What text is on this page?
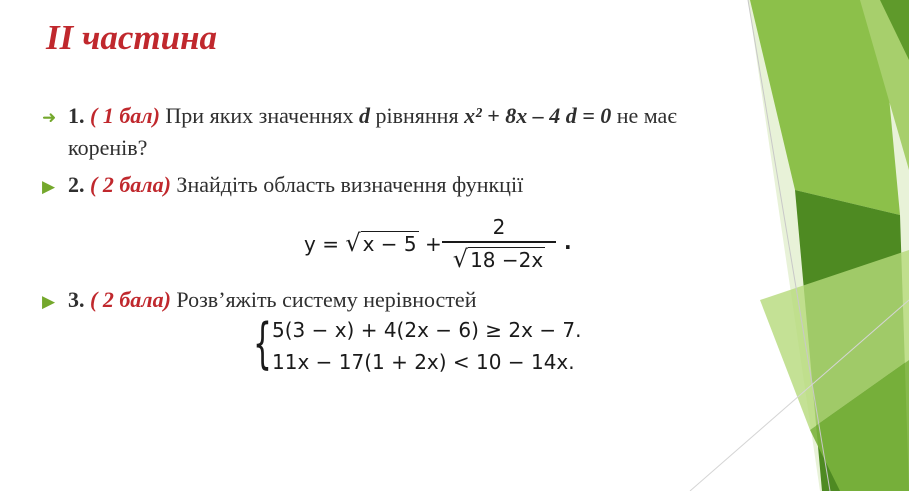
II частина
➜ 1. ( 1 бал) При яких значеннях d рівняння x² + 8x – 4 d = 0 не має
коренів?
▶ 2. ( 2 бала) Знайдіть область визначення функції
y = √ x − 5 +
2
√ 18 −2x
.
▶ 3. ( 2 бала) Розв’яжіть систему нерівностей
{ 5(3 − x) + 4(2x − 6) ≥ 2x − 7.
11x − 17(1 + 2x) < 10 − 14x.
